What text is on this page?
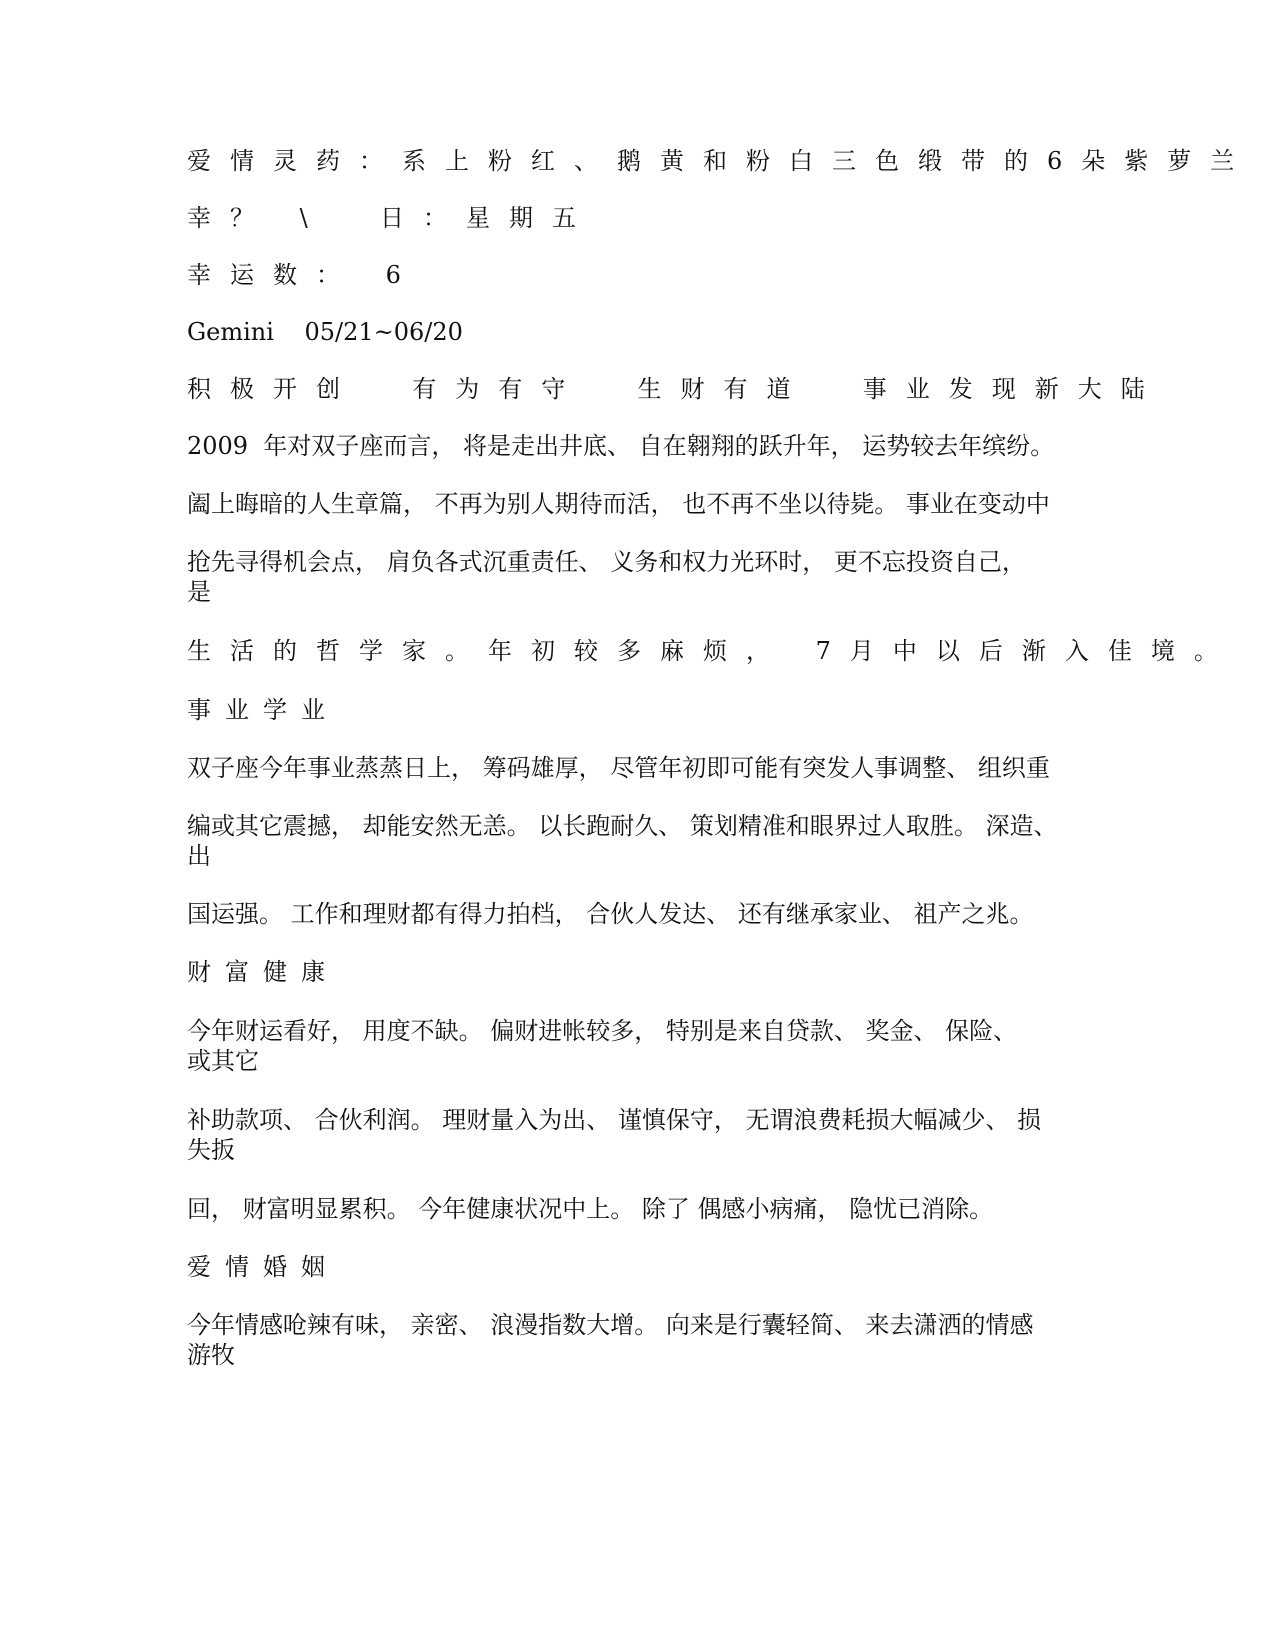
爱情灵药：系上粉红、鹅黄和粉白三色缎带的6朵紫萝兰
幸？ \  日：星期五
幸运数： 6
Gemini    05/21~06/20
积极开创  有为有守  生财有道  事业发现新大陆
2009  年对双子座而言， 将是走出井底、 自在翱翔的跃升年， 运势较去年缤纷。
阖上晦暗的人生章篇， 不再为别人期待而活， 也不再不坐以待毙。 事业在变动中
抢先寻得机会点， 肩负各式沉重责任、 义务和权力光环时， 更不忘投资自己，
是
生活的哲学家。年初较多麻烦， 7月中以后渐入佳境。
事业学业
双子座今年事业蒸蒸日上， 筹码雄厚， 尽管年初即可能有突发人事调整、 组织重
编或其它震撼， 却能安然无恙。 以长跑耐久、 策划精准和眼界过人取胜。 深造、
出
国运强。 工作和理财都有得力拍档， 合伙人发达、 还有继承家业、 祖产之兆。
财富健康
今年财运看好， 用度不缺。 偏财进帐较多， 特别是来自贷款、 奖金、 保险、
或其它
补助款项、 合伙利润。 理财量入为出、 谨慎保守， 无谓浪费耗损大幅减少、 损
失扳
回， 财富明显累积。 今年健康状况中上。 除了 偶感小病痛， 隐忧已消除。
爱情婚姻
今年情感呛辣有味， 亲密、 浪漫指数大增。 向来是行囊轻简、 来去潇洒的情感
游牧
